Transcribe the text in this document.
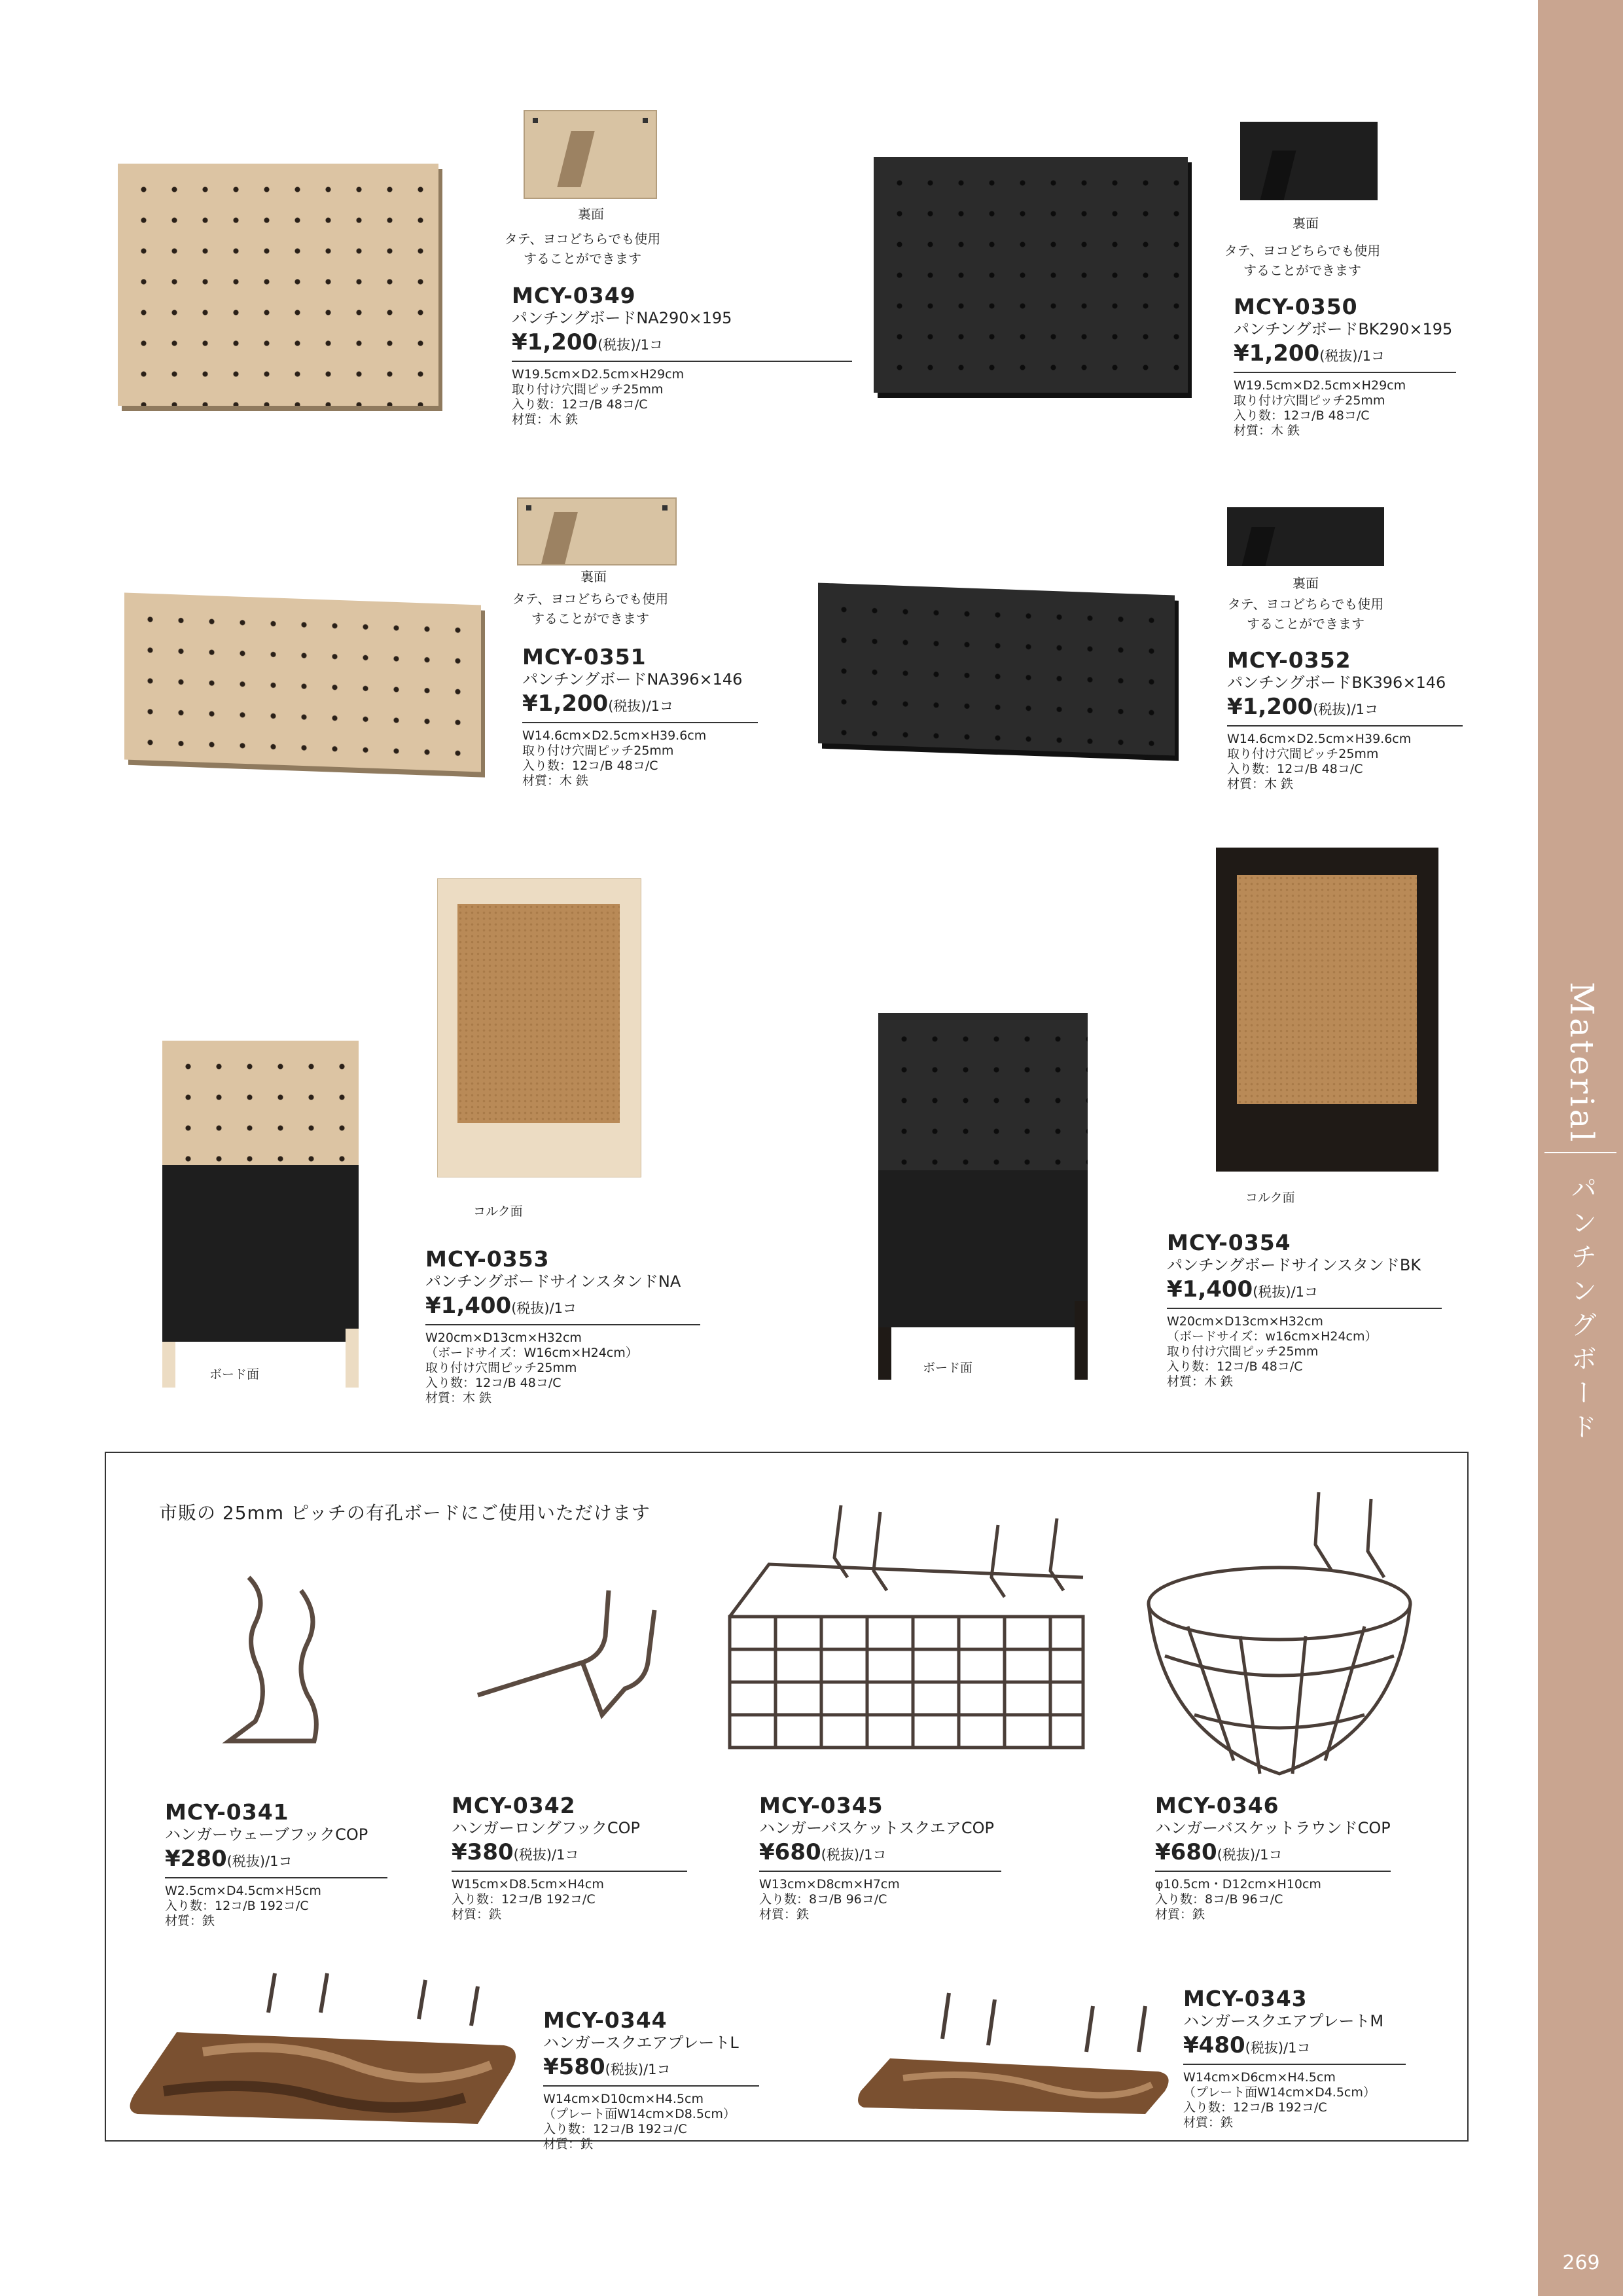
Material
パンチングボード
269
裏面
タテ、ヨコどちらでも使用することができます
MCY-0349
パンチングボードNA290×195
¥1,200(税抜)/1コ
W19.5cm×D2.5cm×H29cm
取り付け穴間ピッチ25mm
入り数：12コ/B 48コ/C
材質：木 鉄
裏面
タテ、ヨコどちらでも使用することができます
MCY-0350
パンチングボードBK290×195
¥1,200(税抜)/1コ
W19.5cm×D2.5cm×H29cm
取り付け穴間ピッチ25mm
入り数：12コ/B 48コ/C
材質：木 鉄
裏面
タテ、ヨコどちらでも使用することができます
MCY-0351
パンチングボードNA396×146
¥1,200(税抜)/1コ
W14.6cm×D2.5cm×H39.6cm
取り付け穴間ピッチ25mm
入り数：12コ/B 48コ/C
材質：木 鉄
裏面
タテ、ヨコどちらでも使用することができます
MCY-0352
パンチングボードBK396×146
¥1,200(税抜)/1コ
W14.6cm×D2.5cm×H39.6cm
取り付け穴間ピッチ25mm
入り数：12コ/B 48コ/C
材質：木 鉄
ボード面
コルク面
MCY-0353
パンチングボードサインスタンドNA
¥1,400(税抜)/1コ
W20cm×D13cm×H32cm
（ボードサイズ：W16cm×H24cm）
取り付け穴間ピッチ25mm
入り数：12コ/B 48コ/C
材質：木 鉄
ボード面
コルク面
MCY-0354
パンチングボードサインスタンドBK
¥1,400(税抜)/1コ
W20cm×D13cm×H32cm
（ボードサイズ：w16cm×H24cm）
取り付け穴間ピッチ25mm
入り数：12コ/B 48コ/C
材質：木 鉄
市販の 25mm ピッチの有孔ボードにご使用いただけます
MCY-0341
ハンガーウェーブフックCOP
¥280(税抜)/1コ
W2.5cm×D4.5cm×H5cm
入り数：12コ/B 192コ/C
材質：鉄
MCY-0342
ハンガーロングフックCOP
¥380(税抜)/1コ
W15cm×D8.5cm×H4cm
入り数：12コ/B 192コ/C
材質：鉄
MCY-0345
ハンガーバスケットスクエアCOP
¥680(税抜)/1コ
W13cm×D8cm×H7cm
入り数：8コ/B 96コ/C
材質：鉄
MCY-0346
ハンガーバスケットラウンドCOP
¥680(税抜)/1コ
φ10.5cm・D12cm×H10cm
入り数：8コ/B 96コ/C
材質：鉄
MCY-0344
ハンガースクエアプレートL
¥580(税抜)/1コ
W14cm×D10cm×H4.5cm
（プレート面W14cm×D8.5cm）
入り数：12コ/B 192コ/C
材質：鉄
MCY-0343
ハンガースクエアプレートM
¥480(税抜)/1コ
W14cm×D6cm×H4.5cm
（プレート面W14cm×D4.5cm）
入り数：12コ/B 192コ/C
材質：鉄
